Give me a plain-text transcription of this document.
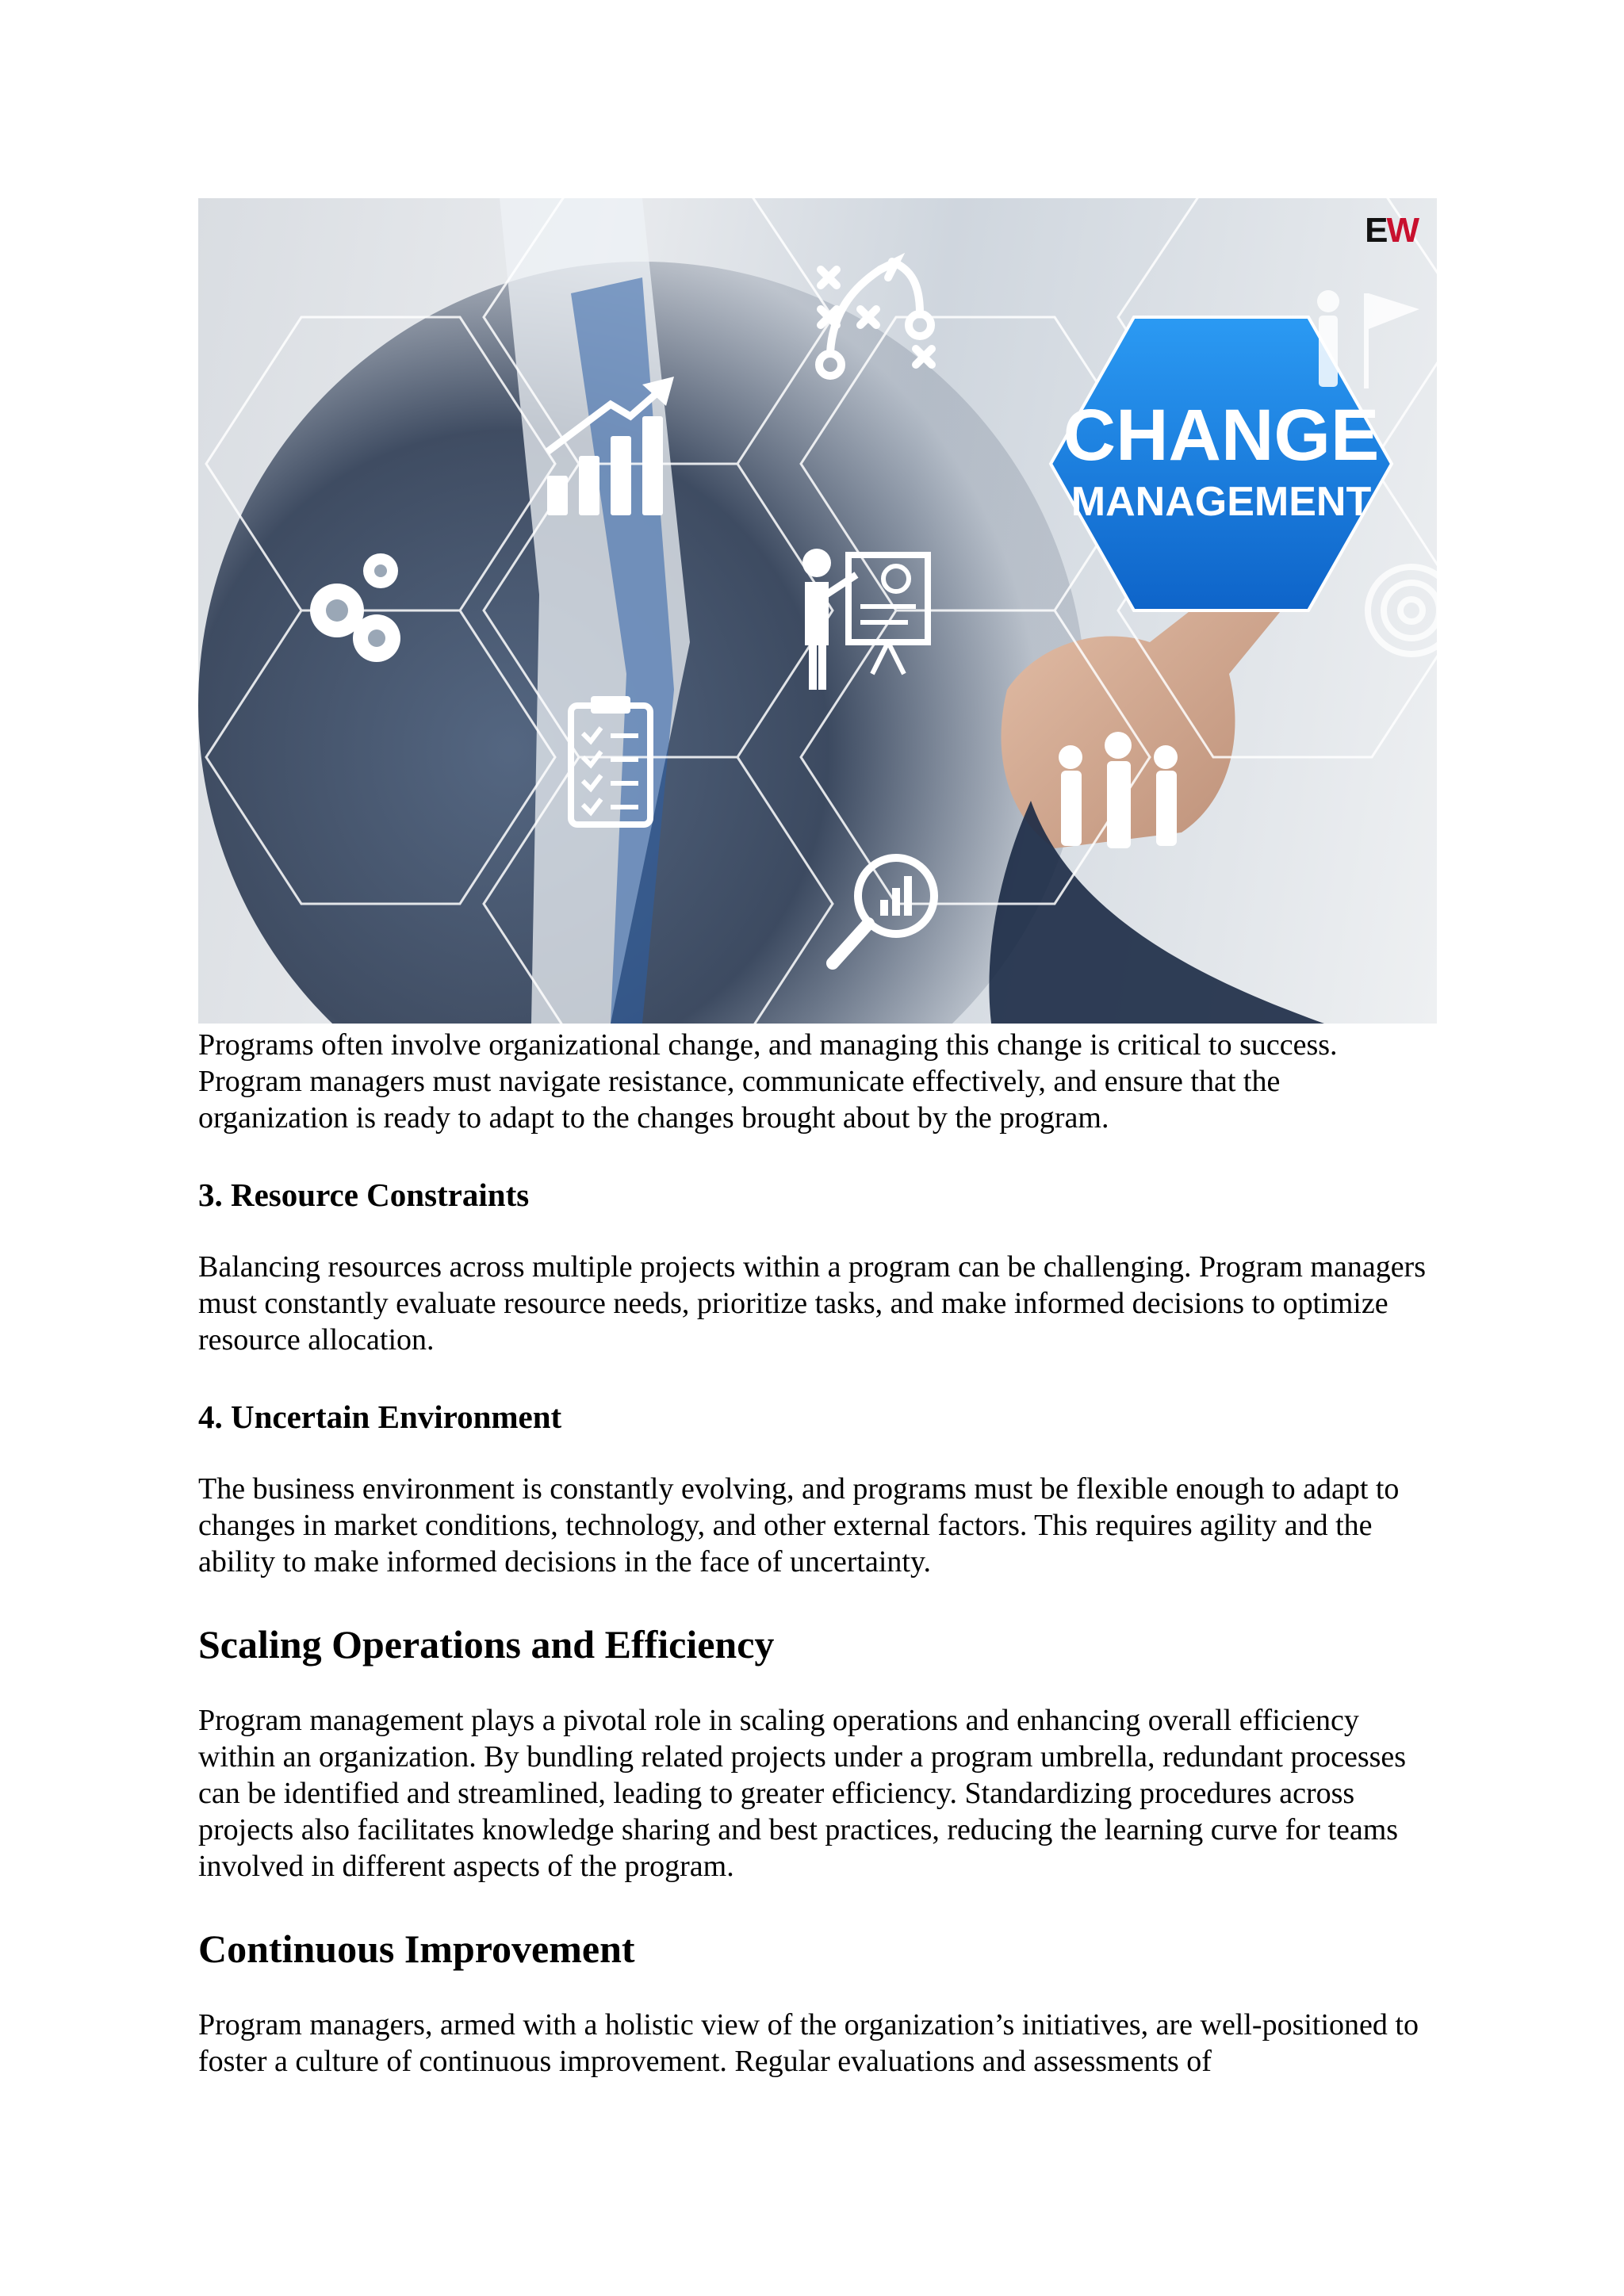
CHANGE
MANAGEMENT
EW

Programs often involve organizational change, and managing this change is critical to success. Program managers must navigate resistance, communicate effectively, and ensure that the organization is ready to adapt to the changes brought about by the program.

3. Resource Constraints

Balancing resources across multiple projects within a program can be challenging. Program managers must constantly evaluate resource needs, prioritize tasks, and make informed decisions to optimize resource allocation.

4. Uncertain Environment

The business environment is constantly evolving, and programs must be flexible enough to adapt to changes in market conditions, technology, and other external factors. This requires agility and the ability to make informed decisions in the face of uncertainty.

Scaling Operations and Efficiency

Program management plays a pivotal role in scaling operations and enhancing overall efficiency within an organization. By bundling related projects under a program umbrella, redundant processes can be identified and streamlined, leading to greater efficiency. Standardizing procedures across projects also facilitates knowledge sharing and best practices, reducing the learning curve for teams involved in different aspects of the program.

Continuous Improvement

Program managers, armed with a holistic view of the organization’s initiatives, are well-positioned to foster a culture of continuous improvement. Regular evaluations and assessments of
